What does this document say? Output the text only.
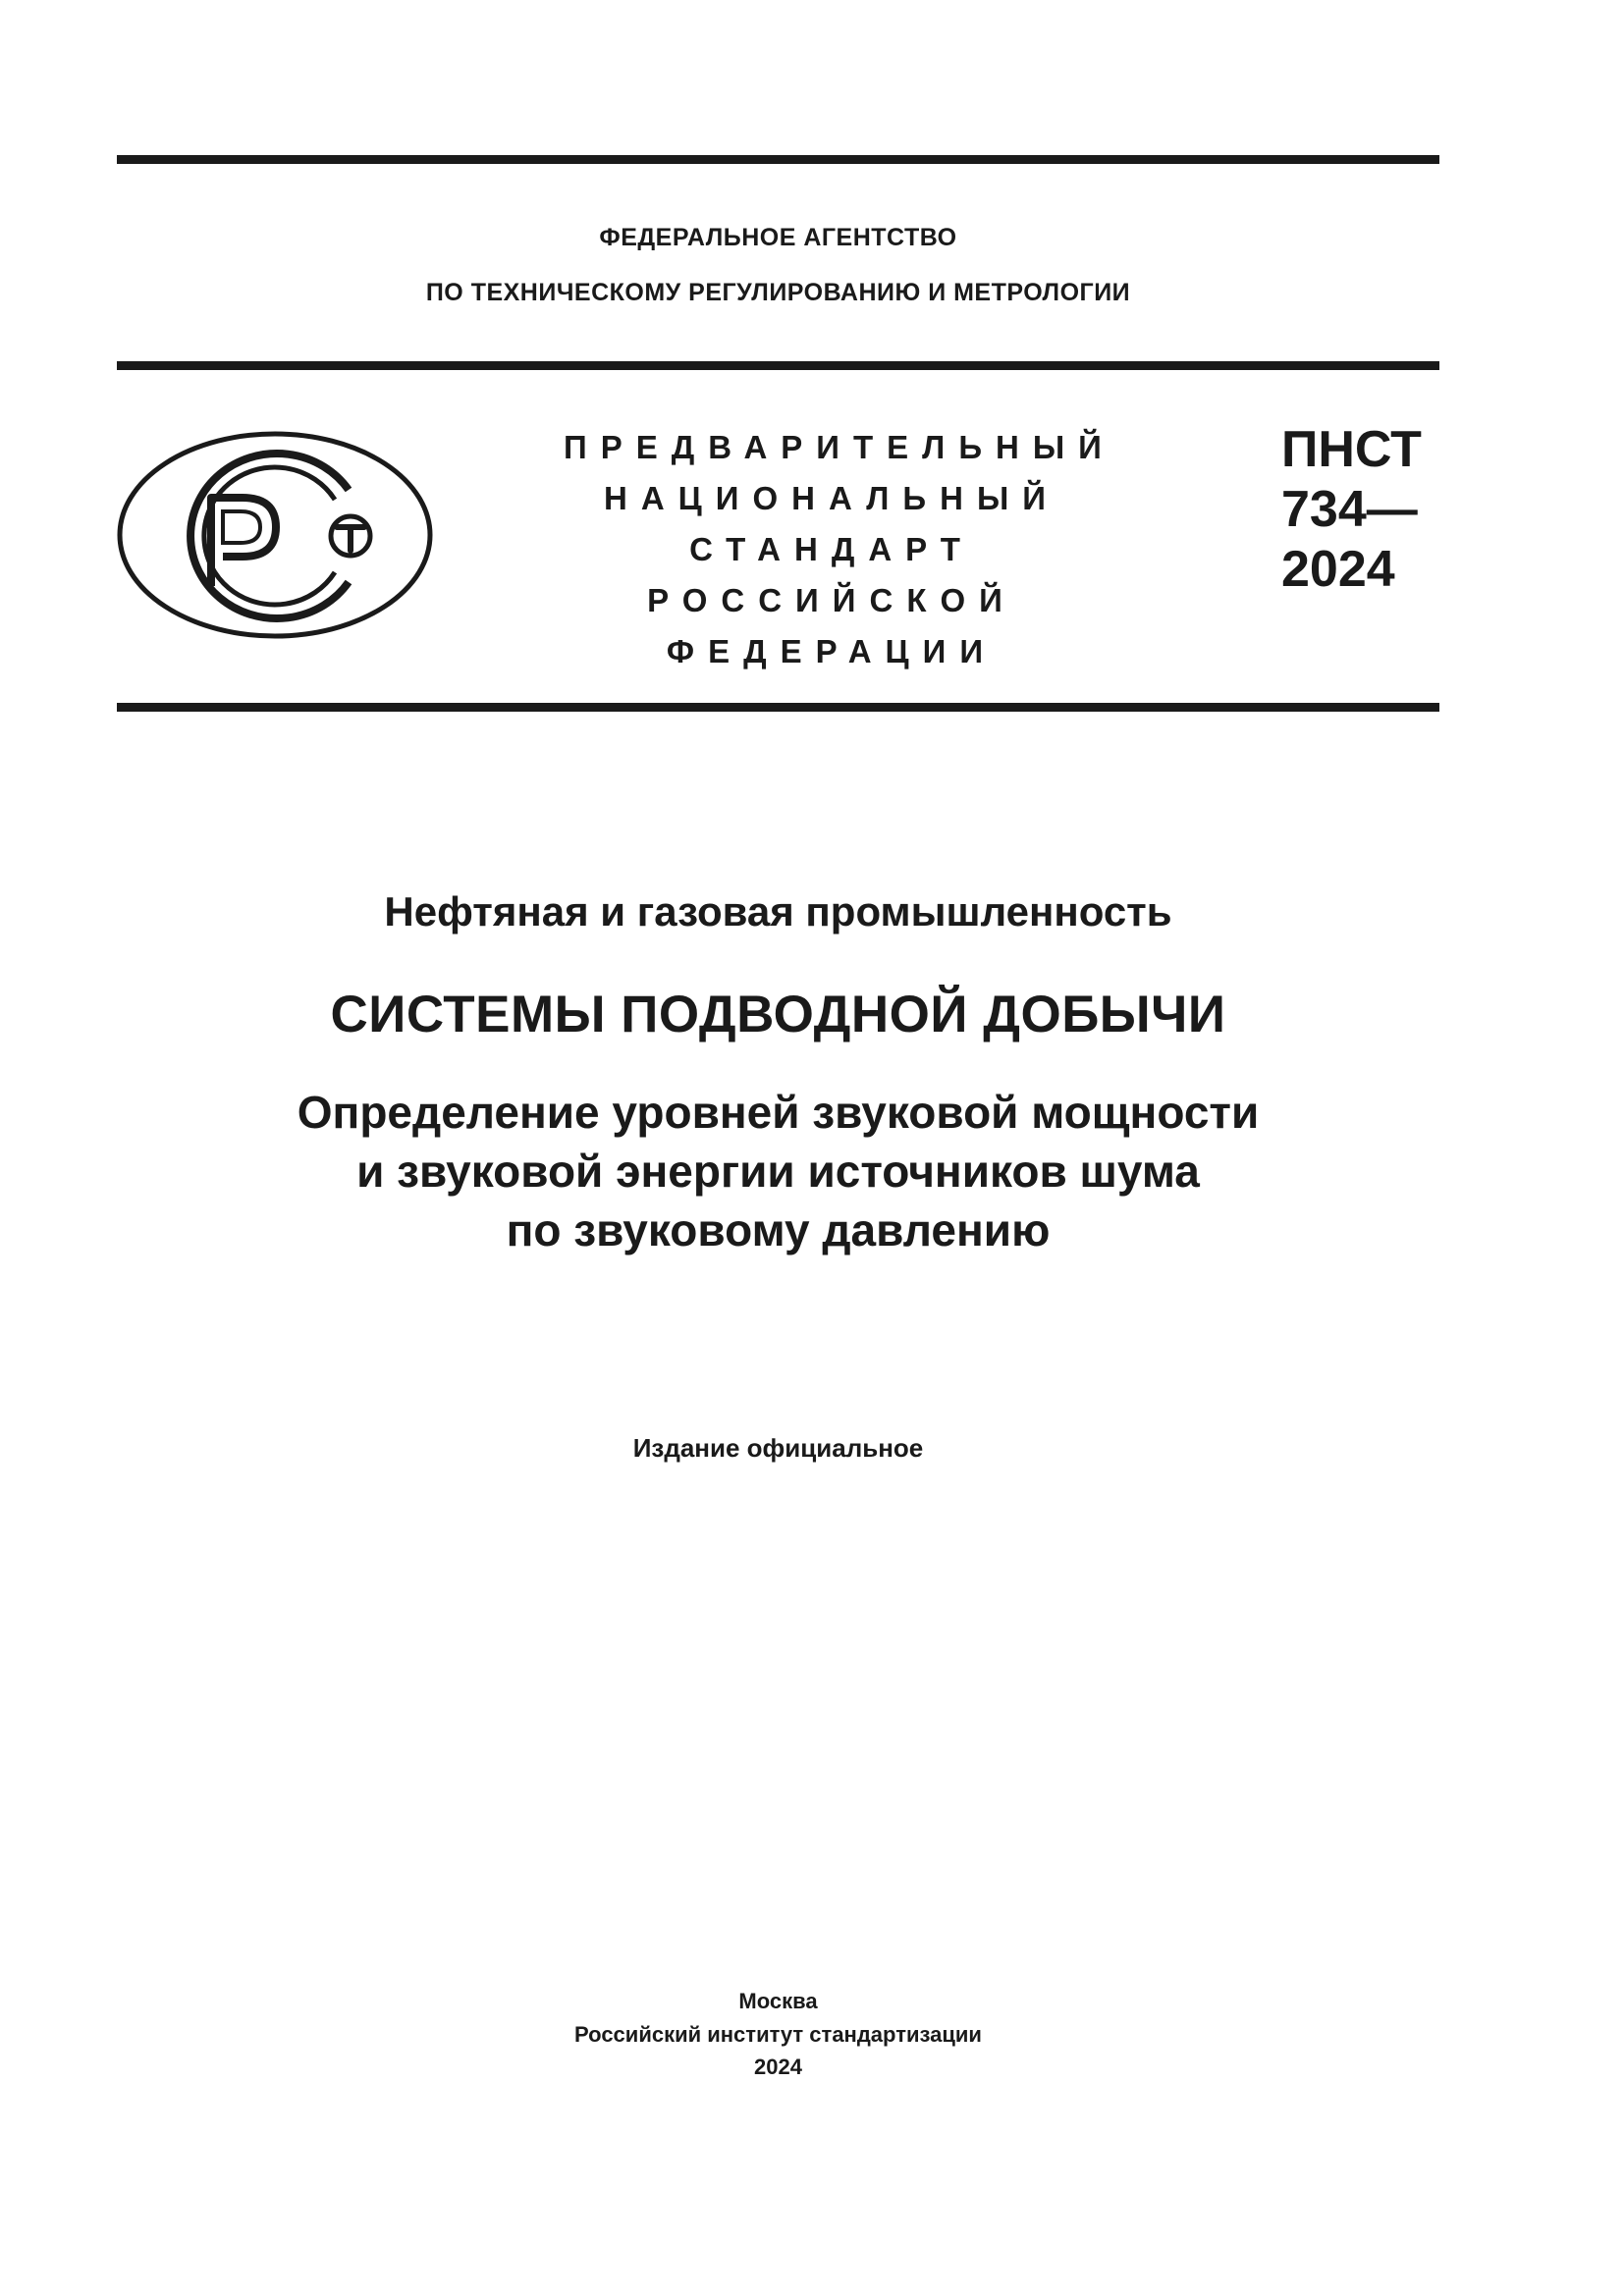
ФЕДЕРАЛЬНОЕ АГЕНТСТВО
ПО ТЕХНИЧЕСКОМУ РЕГУЛИРОВАНИЮ И МЕТРОЛОГИИ
ПРЕДВАРИТЕЛЬНЫЙ
НАЦИОНАЛЬНЫЙ
СТАНДАРТ
РОССИЙСКОЙ
ФЕДЕРАЦИИ
ПНСТ
734—
2024
Нефтяная и газовая промышленность
СИСТЕМЫ ПОДВОДНОЙ ДОБЫЧИ
Определение уровней звуковой мощности
и звуковой энергии источников шума
по звуковому давлению
Издание официальное
Москва
Российский институт стандартизации
2024
